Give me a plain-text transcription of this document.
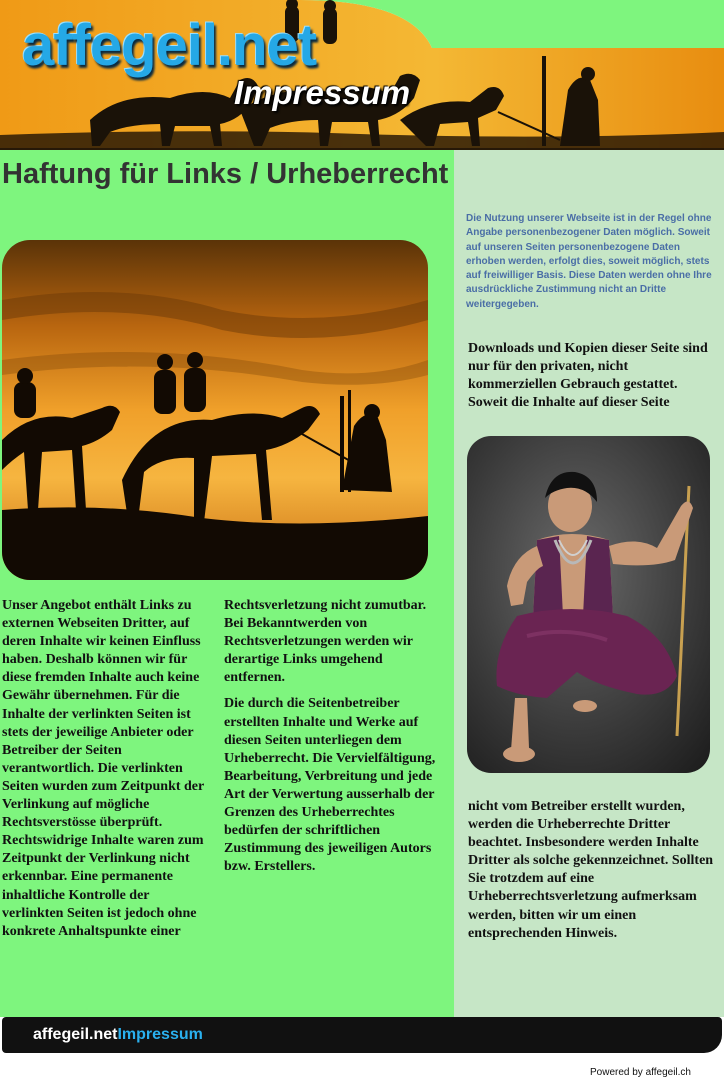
affegeil.net
Impressum
Haftung für Links / Urheberrecht
Die Nutzung unserer Webseite ist in der Regel ohne Angabe personenbezogener Daten möglich. Soweit auf unseren Seiten personenbezogene Daten erhoben werden, erfolgt dies, soweit möglich, stets auf freiwilliger Basis. Diese Daten werden ohne Ihre ausdrückliche Zustimmung nicht an Dritte weitergegeben.
Downloads und Kopien dieser Seite sind nur für den privaten, nicht kommerziellen Gebrauch gestattet. Soweit die Inhalte auf dieser Seite
Unser Angebot enthält Links zu externen Webseiten Dritter, auf deren Inhalte wir keinen Einfluss haben. Deshalb können wir für diese fremden Inhalte auch keine Gewähr übernehmen. Für die Inhalte der verlinkten Seiten ist stets der jeweilige Anbieter oder Betreiber der Seiten verantwortlich. Die verlinkten Seiten wurden zum Zeitpunkt der Verlinkung auf mögliche Rechtsverstösse überprüft. Rechtswidrige Inhalte waren zum Zeitpunkt der Verlinkung nicht erkennbar. Eine permanente inhaltliche Kontrolle der verlinkten Seiten ist jedoch ohne konkrete Anhaltspunkte einer

Rechtsverletzung nicht zumutbar. Bei Bekanntwerden von Rechtsverletzungen werden wir derartige Links umgehend entfernen.

Die durch die Seitenbetreiber erstellten Inhalte und Werke auf diesen Seiten unterliegen dem Urheberrecht. Die Vervielfältigung, Bearbeitung, Verbreitung und jede Art der Verwertung ausserhalb der Grenzen des Urheberrechtes bedürfen der schriftlichen Zustimmung des jeweiligen Autors bzw. Erstellers.

nicht vom Betreiber erstellt wurden, werden die Urheberrechte Dritter beachtet. Insbesondere werden Inhalte Dritter als solche gekennzeichnet. Sollten Sie trotzdem auf eine Urheberrechtsverletzung aufmerksam werden, bitten wir um einen entsprechenden Hinweis.
affegeil.netImpressum
Powered by affegeil.ch
